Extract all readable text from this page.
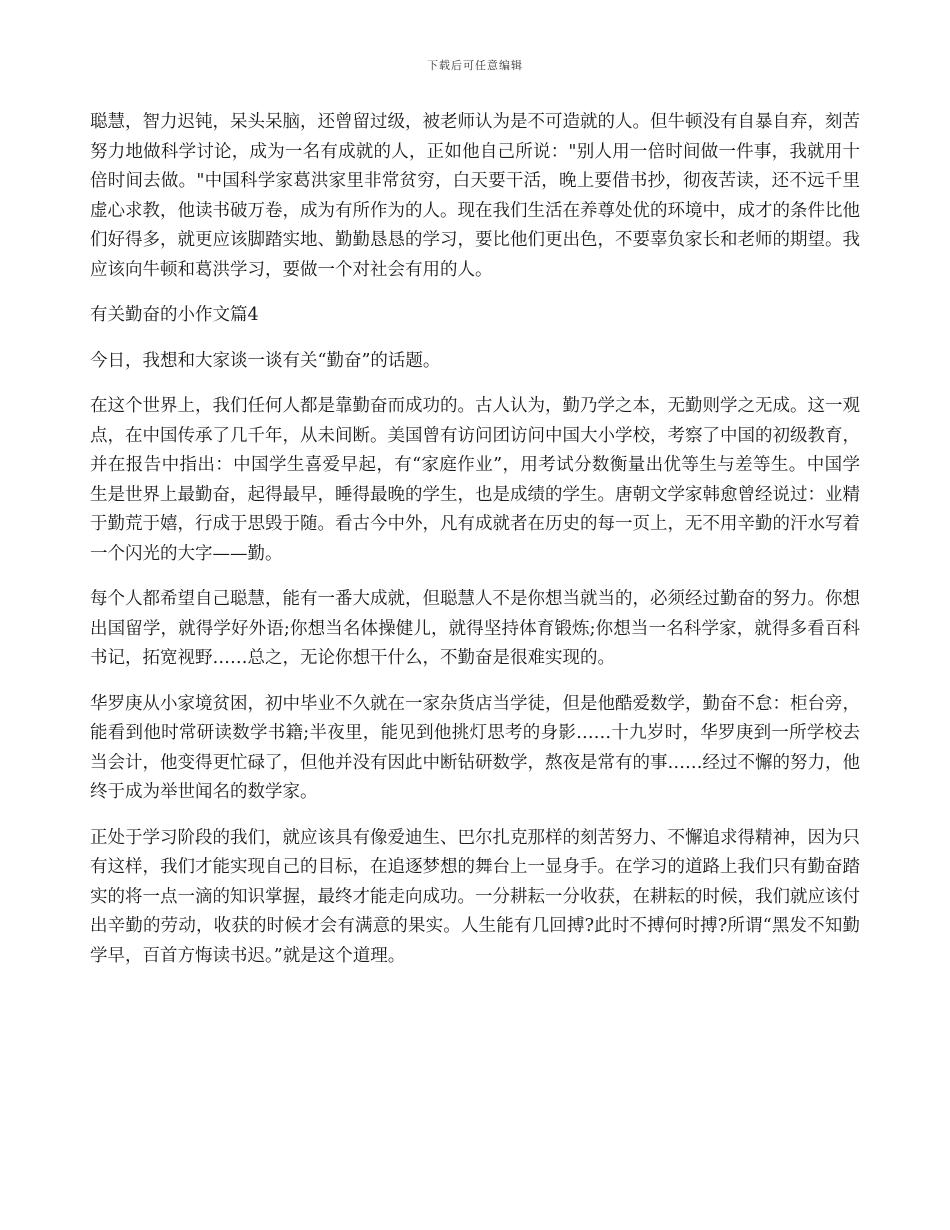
下载后可任意编辑

聪慧，智力迟钝，呆头呆脑，还曾留过级，被老师认为是不可造就的人。但牛顿没有自暴自弃，刻苦努力地做科学讨论，成为一名有成就的人，正如他自己所说："别人用一倍时间做一件事，我就用十倍时间去做。"中国科学家葛洪家里非常贫穷，白天要干活，晚上要借书抄，彻夜苦读，还不远千里虚心求教，他读书破万卷，成为有所作为的人。现在我们生活在养尊处优的环境中，成才的条件比他们好得多，就更应该脚踏实地、勤勤恳恳的学习，要比他们更出色，不要辜负家长和老师的期望。我应该向牛顿和葛洪学习，要做一个对社会有用的人。

有关勤奋的小作文篇4

今日，我想和大家谈一谈有关“勤奋”的话题。

在这个世界上，我们任何人都是靠勤奋而成功的。古人认为，勤乃学之本，无勤则学之无成。这一观点，在中国传承了几千年，从未间断。美国曾有访问团访问中国大小学校，考察了中国的初级教育，并在报告中指出：中国学生喜爱早起，有“家庭作业”，用考试分数衡量出优等生与差等生。中国学生是世界上最勤奋，起得最早，睡得最晚的学生，也是成绩的学生。唐朝文学家韩愈曾经说过：业精于勤荒于嬉，行成于思毁于随。看古今中外，凡有成就者在历史的每一页上，无不用辛勤的汗水写着一个闪光的大字——勤。

每个人都希望自己聪慧，能有一番大成就，但聪慧人不是你想当就当的，必须经过勤奋的努力。你想出国留学，就得学好外语;你想当名体操健儿，就得坚持体育锻炼;你想当一名科学家，就得多看百科书记，拓宽视野……总之，无论你想干什么，不勤奋是很难实现的。

华罗庚从小家境贫困，初中毕业不久就在一家杂货店当学徒，但是他酷爱数学，勤奋不怠：柜台旁，能看到他时常研读数学书籍;半夜里，能见到他挑灯思考的身影……十九岁时，华罗庚到一所学校去当会计，他变得更忙碌了，但他并没有因此中断钻研数学，熬夜是常有的事……经过不懈的努力，他终于成为举世闻名的数学家。

正处于学习阶段的我们，就应该具有像爱迪生、巴尔扎克那样的刻苦努力、不懈追求得精神，因为只有这样，我们才能实现自己的目标，在追逐梦想的舞台上一显身手。在学习的道路上我们只有勤奋踏实的将一点一滴的知识掌握，最终才能走向成功。一分耕耘一分收获，在耕耘的时候，我们就应该付出辛勤的劳动，收获的时候才会有满意的果实。人生能有几回搏?此时不搏何时搏?所谓“黑发不知勤学早，百首方悔读书迟。”就是这个道理。
